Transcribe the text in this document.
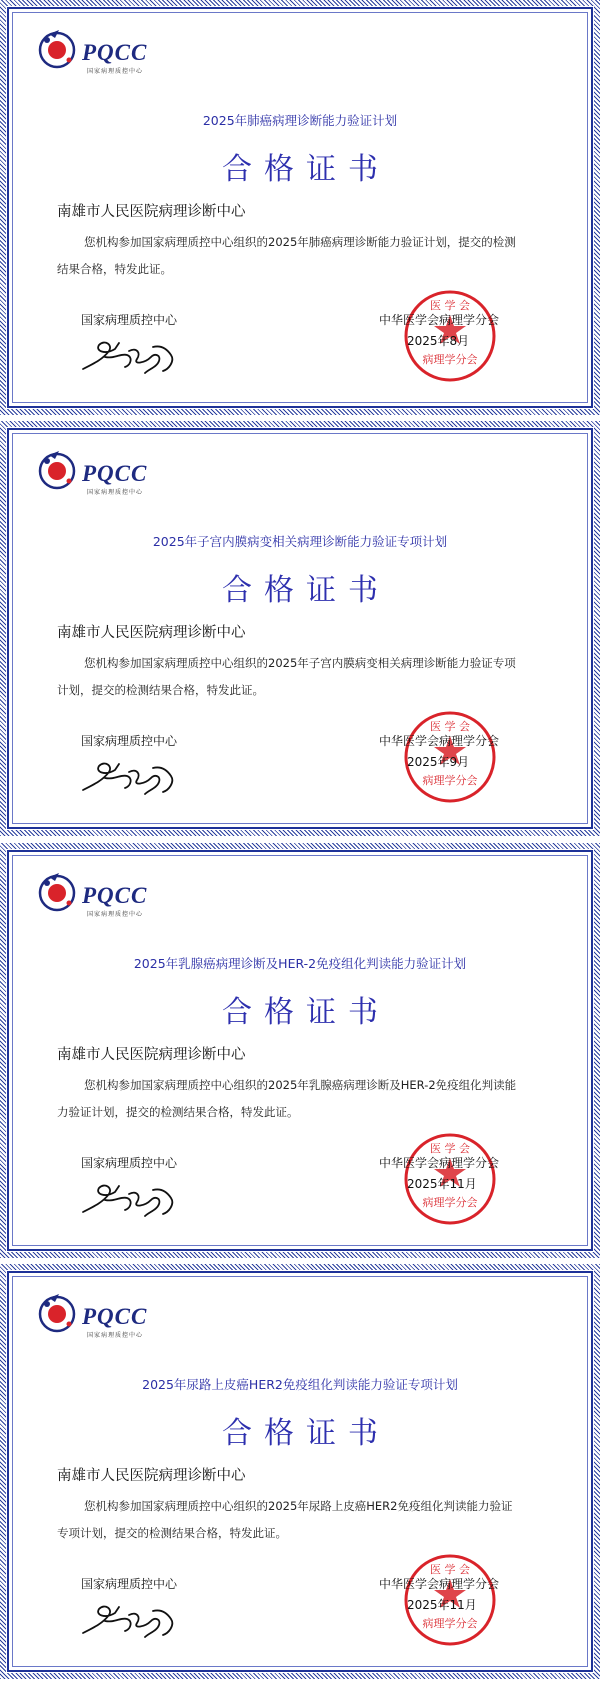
PQCC
国家病理质控中心
2025年肺癌病理诊断能力验证计划
合格证书
南雄市人民医院病理诊断中心
您机构参加国家病理质控中心组织的2025年肺癌病理诊断能力验证计划，提交的检测
结果合格，特发此证。
国家病理质控中心
医 学 会
病理学分会
中华医学会病理学分会
2025年8月
PQCC
国家病理质控中心
2025年子宫内膜病变相关病理诊断能力验证专项计划
合格证书
南雄市人民医院病理诊断中心
您机构参加国家病理质控中心组织的2025年子宫内膜病变相关病理诊断能力验证专项
计划，提交的检测结果合格，特发此证。
国家病理质控中心
医 学 会
病理学分会
中华医学会病理学分会
2025年9月
PQCC
国家病理质控中心
2025年乳腺癌病理诊断及HER-2免疫组化判读能力验证计划
合格证书
南雄市人民医院病理诊断中心
您机构参加国家病理质控中心组织的2025年乳腺癌病理诊断及HER-2免疫组化判读能
力验证计划，提交的检测结果合格，特发此证。
国家病理质控中心
医 学 会
病理学分会
中华医学会病理学分会
2025年11月
PQCC
国家病理质控中心
2025年尿路上皮癌HER2免疫组化判读能力验证专项计划
合格证书
南雄市人民医院病理诊断中心
您机构参加国家病理质控中心组织的2025年尿路上皮癌HER2免疫组化判读能力验证
专项计划，提交的检测结果合格，特发此证。
国家病理质控中心
医 学 会
病理学分会
中华医学会病理学分会
2025年11月
